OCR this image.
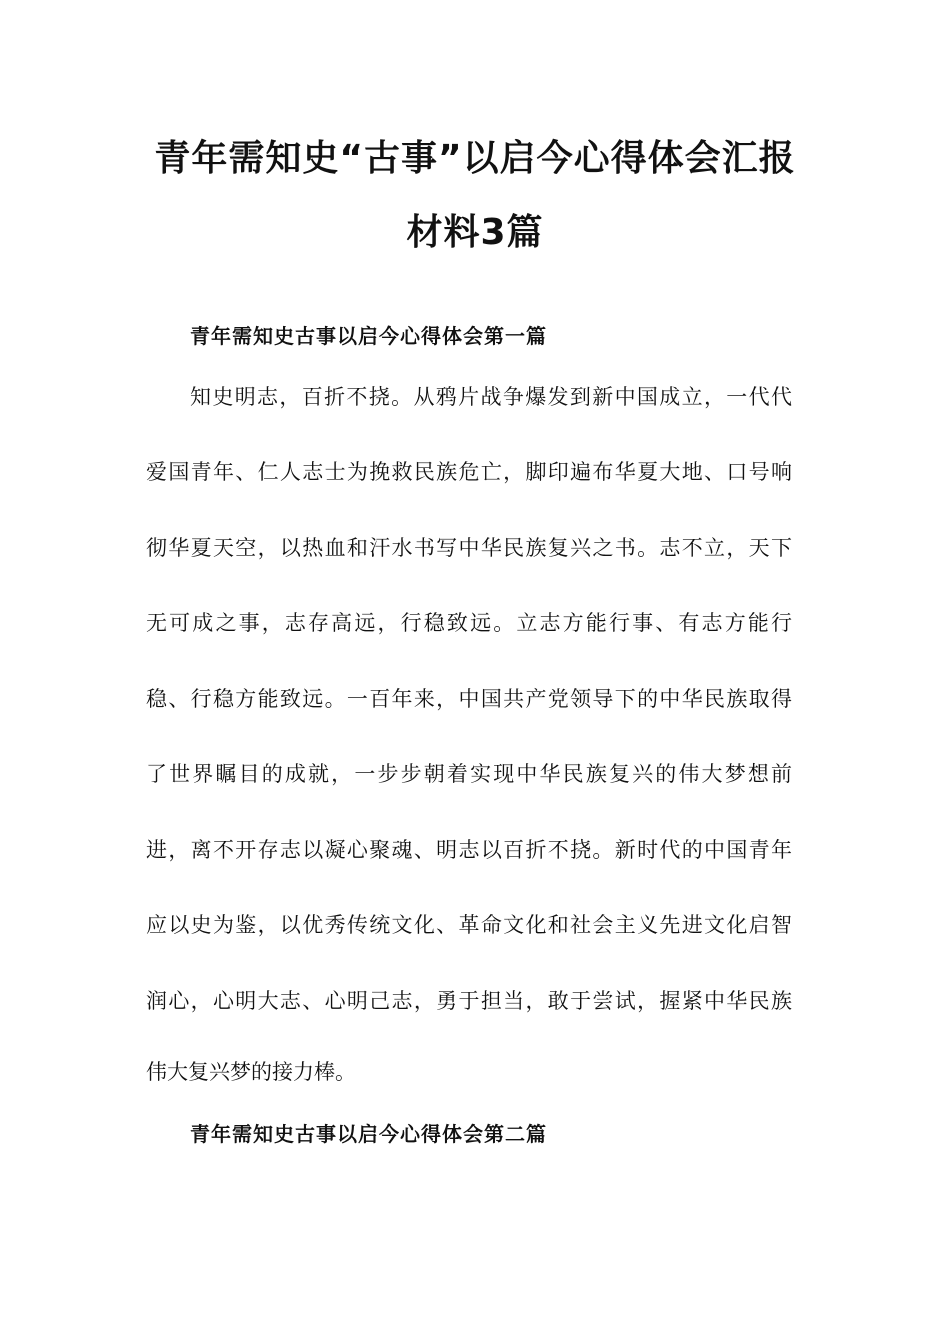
青年需知史“古事”以启今心得体会汇报
材料3篇
青年需知史古事以启今心得体会第一篇
知史明志，百折不挠。从鸦片战争爆发到新中国成立，一代代
爱国青年、仁人志士为挽救民族危亡，脚印遍布华夏大地、口号响
彻华夏天空，以热血和汗水书写中华民族复兴之书。志不立，天下
无可成之事，志存高远，行稳致远。立志方能行事、有志方能行
稳、行稳方能致远。一百年来，中国共产党领导下的中华民族取得
了世界瞩目的成就，一步步朝着实现中华民族复兴的伟大梦想前
进，离不开存志以凝心聚魂、明志以百折不挠。新时代的中国青年
应以史为鉴，以优秀传统文化、革命文化和社会主义先进文化启智
润心，心明大志、心明己志，勇于担当，敢于尝试，握紧中华民族
伟大复兴梦的接力棒。
青年需知史古事以启今心得体会第二篇
